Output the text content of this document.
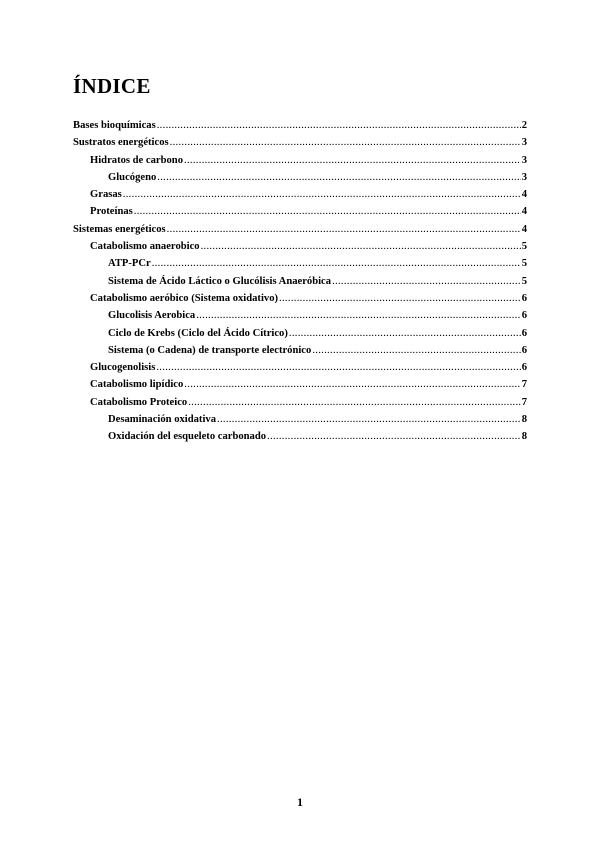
ÍNDICE
Bases bioquímicas .....	2
Sustratos energéticos .....	3
Hidratos de carbono .....	3
Glucógeno .....	3
Grasas .....	4
Proteínas .....	4
Sistemas energéticos .....	4
Catabolismo anaerobico .....	5
ATP-PCr .....	5
Sistema de Ácido Láctico o Glucólisis Anaeróbica .....	5
Catabolismo aeróbico (Sistema oxidativo) .....	6
Glucolisis Aerobica .....	6
Ciclo de Krebs (Ciclo del Ácido Cítrico) .....	6
Sistema (o Cadena) de transporte electrónico .....	6
Glucogenolisis .....	6
Catabolismo lipídico .....	7
Catabolismo Proteico .....	7
Desaminación oxidativa .....	8
Oxidación del esqueleto carbonado .....	8
1
